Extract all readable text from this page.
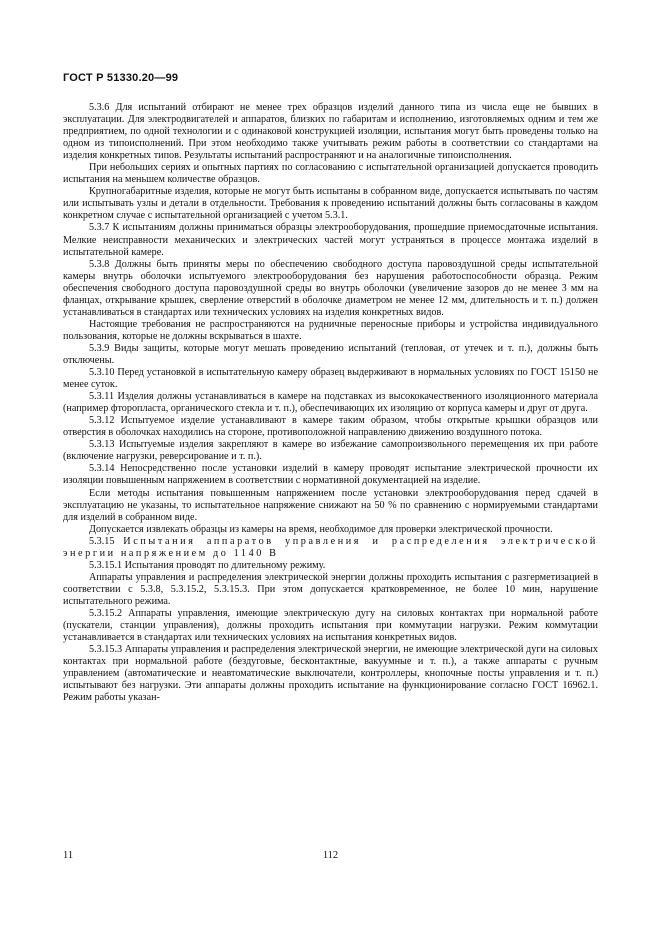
ГОСТ Р 51330.20—99

5.3.6 Для испытаний отбирают не менее трех образцов изделий данного типа из числа еще не бывших в эксплуатации. Для электродвигателей и аппаратов, близких по габаритам и исполнению, изготовляемых одним и тем же предприятием, по одной технологии и с одинаковой конструкцией изоляции, испытания могут быть проведены только на одном из типоисполнений. При этом необходимо также учитывать режим работы в соответствии со стандартами на изделия конкретных типов. Результаты испытаний распространяют и на аналогичные типоисполнения.

При небольших сериях и опытных партиях по согласованию с испытательной организацией допускается проводить испытания на меньшем количестве образцов.

Крупногабаритные изделия, которые не могут быть испытаны в собранном виде, допускается испытывать по частям или испытывать узлы и детали в отдельности. Требования к проведению испытаний должны быть согласованы в каждом конкретном случае с испытательной организацией с учетом 5.3.1.

5.3.7 К испытаниям должны приниматься образцы электрооборудования, прошедшие приемосдаточные испытания. Мелкие неисправности механических и электрических частей могут устраняться в процессе монтажа изделий в испытательной камере.

5.3.8 Должны быть приняты меры по обеспечению свободного доступа паровоздушной среды испытательной камеры внутрь оболочки испытуемого электрооборудования без нарушения работоспособности образца. Режим обеспечения свободного доступа паровоздушной среды во внутрь оболочки (увеличение зазоров до не менее 3 мм на фланцах, открывание крышек, сверление отверстий в оболочке диаметром не менее 12 мм, длительность и т. п.) должен устанавливаться в стандартах или технических условиях на изделия конкретных видов.

Настоящие требования не распространяются на рудничные переносные приборы и устройства индивидуального пользования, которые не должны вскрываться в шахте.

5.3.9 Виды защиты, которые могут мешать проведению испытаний (тепловая, от утечек и т. п.), должны быть отключены.

5.3.10 Перед установкой в испытательную камеру образец выдерживают в нормальных условиях по ГОСТ 15150 не менее суток.

5.3.11 Изделия должны устанавливаться в камере на подставках из высококачественного изоляционного материала (например фторопласта, органического стекла и т. п.), обеспечивающих их изоляцию от корпуса камеры и друг от друга.

5.3.12 Испытуемое изделие устанавливают в камере таким образом, чтобы открытые крышки образцов или отверстия в оболочках находились на стороне, противоположной направлению движению воздушного потока.

5.3.13 Испытуемые изделия закрепляют в камере во избежание самопроизвольного перемещения их при работе (включение нагрузки, реверсирование и т. п.).

5.3.14 Непосредственно после установки изделий в камеру проводят испытание электрической прочности их изоляции повышенным напряжением в соответствии с нормативной документацией на изделие.

Если методы испытания повышенным напряжением после установки электрооборудования перед сдачей в эксплуатацию не указаны, то испытательное напряжение снижают на 50 % по сравнению с нормируемыми стандартами для изделий в собранном виде.

Допускается извлекать образцы из камеры на время, необходимое для проверки электрической прочности.

5.3.15 Испытания аппаратов управления и распределения электрической энергии напряжением до 1140 В

5.3.15.1 Испытания проводят по длительному режиму.

Аппараты управления и распределения электрической энергии должны проходить испытания с разгерметизацией в соответствии с 5.3.8, 5.3.15.2, 5.3.15.3. При этом допускается кратковременное, не более 10 мин, нарушение испытательного режима.

5.3.15.2 Аппараты управления, имеющие электрическую дугу на силовых контактах при нормальной работе (пускатели, станции управления), должны проходить испытания при коммутации нагрузки. Режим коммутации устанавливается в стандартах или технических условиях на испытания конкретных видов.

5.3.15.3 Аппараты управления и распределения электрической энергии, не имеющие электрической дуги на силовых контактах при нормальной работе (бездуговые, бесконтактные, вакуумные и т. п.), а также аппараты с ручным управлением (автоматические и неавтоматические выключатели, контроллеры, кнопочные посты управления и т. п.) испытывают без нагрузки. Эти аппараты должны проходить испытание на функционирование согласно ГОСТ 16962.1. Режим работы указан-

11	112
